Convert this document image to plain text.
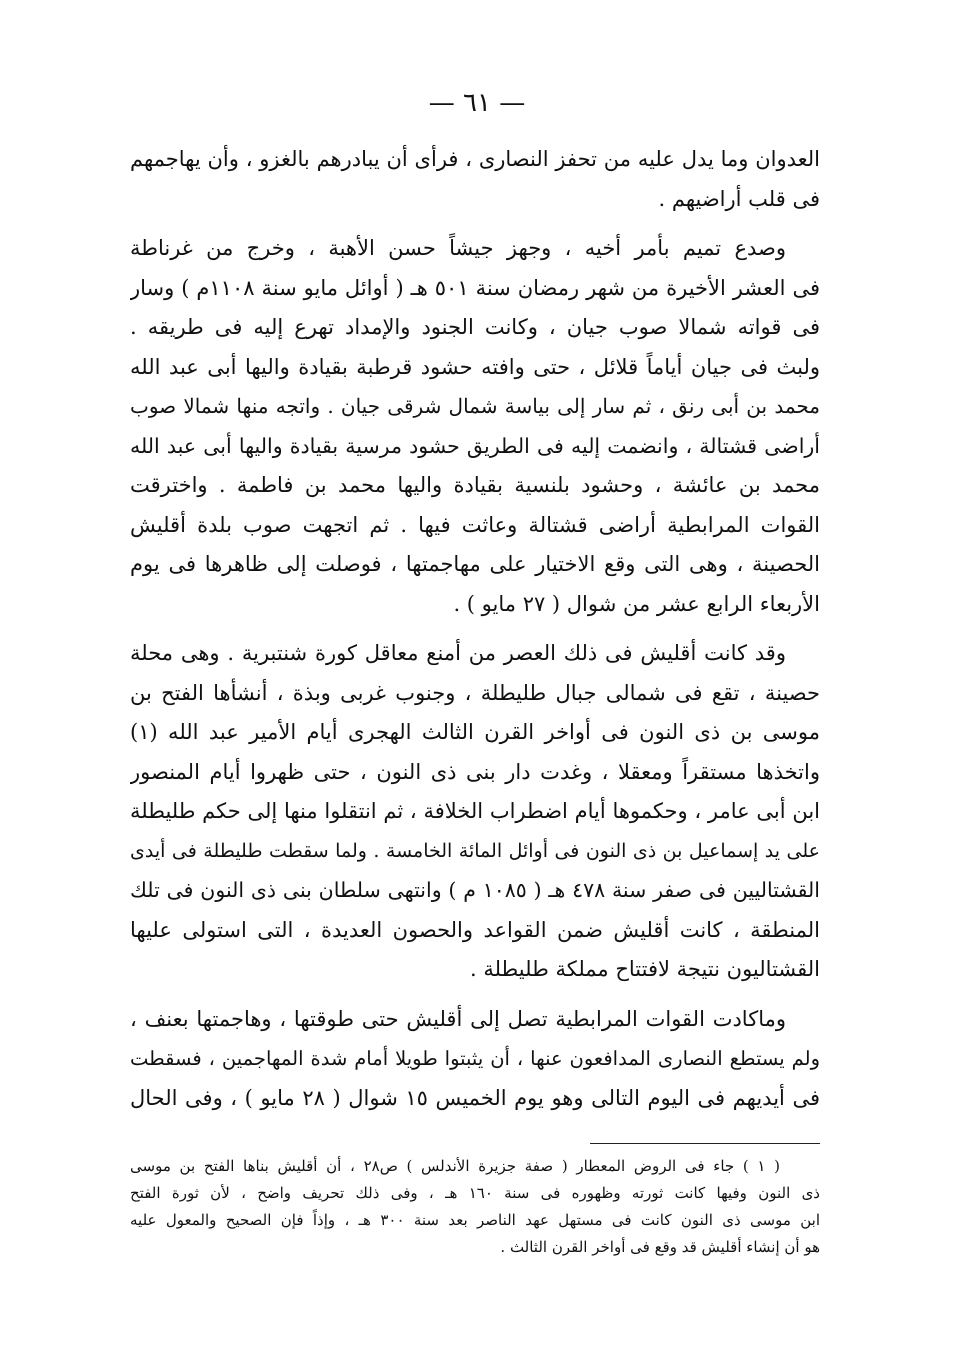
— ٦١ —
العدوان وما يدل عليه من تحفز النصارى ، فرأى أن يبادرهم بالغزو ، وأن يهاجمهم
فى قلب أراضيهم .
وصدع تميم بأمر أخيه ، وجهز جيشاً حسن الأهبة ، وخرج من غرناطة
فى العشر الأخيرة من شهر رمضان سنة ٥٠١ هـ ( أوائل مايو سنة ١١٠٨م ) وسار
فى قواته شمالا صوب جيان ، وكانت الجنود والإمداد تهرع إليه فى طريقه .
ولبث فى جيان أياماً قلائل ، حتى وافته حشود قرطبة بقيادة واليها أبى عبد الله
محمد بن أبى رنق ، ثم سار إلى بياسة شمال شرقى جيان . واتجه منها شمالا صوب
أراضى قشتالة ، وانضمت إليه فى الطريق حشود مرسية بقيادة واليها أبى عبد الله
محمد بن عائشة ، وحشود بلنسية بقيادة واليها محمد بن فاطمة . واخترقت
القوات المرابطية أراضى قشتالة وعاثت فيها . ثم اتجهت صوب بلدة أقليش
الحصينة ، وهى التى وقع الاختيار على مهاجمتها ، فوصلت إلى ظاهرها فى يوم
الأربعاء الرابع عشر من شوال ( ٢٧ مايو ) .
وقد كانت أقليش فى ذلك العصر من أمنع معاقل كورة شنتبرية . وهى محلة
حصينة ، تقع فى شمالى جبال طليطلة ، وجنوب غربى وبذة ، أنشأها الفتح بن
موسى بن ذى النون فى أواخر القرن الثالث الهجرى أيام الأمير عبد الله (١)
واتخذها مستقراً ومعقلا ، وغدت دار بنى ذى النون ، حتى ظهروا أيام المنصور
ابن أبى عامر ، وحكموها أيام اضطراب الخلافة ، ثم انتقلوا منها إلى حكم طليطلة
على يد إسماعيل بن ذى النون فى أوائل المائة الخامسة . ولما سقطت طليطلة فى أيدى
القشتاليين فى صفر سنة ٤٧٨ هـ ( ١٠٨٥ م ) وانتهى سلطان بنى ذى النون فى تلك
المنطقة ، كانت أقليش ضمن القواعد والحصون العديدة ، التى استولى عليها
القشتاليون نتيجة لافتتاح مملكة طليطلة .
وماكادت القوات المرابطية تصل إلى أقليش حتى طوقتها ، وهاجمتها بعنف ،
ولم يستطع النصارى المدافعون عنها ، أن يثبتوا طويلا أمام شدة المهاجمين ، فسقطت
فى أيديهم فى اليوم التالى وهو يوم الخميس ١٥ شوال ( ٢٨ مايو ) ، وفى الحال
( ١ ) جاء فى الروض المعطار ( صفة جزيرة الأندلس ) ص٢٨ ، أن أقليش بناها الفتح بن موسى
ذى النون وفيها كانت ثورته وظهوره فى سنة ١٦٠ هـ ، وفى ذلك تحريف واضح ، لأن ثورة الفتح
ابن موسى ذى النون كانت فى مستهل عهد الناصر بعد سنة ٣٠٠ هـ ، وإذاً فإن الصحيح والمعول عليه
هو أن إنشاء أقليش قد وقع فى أواخر القرن الثالث .
